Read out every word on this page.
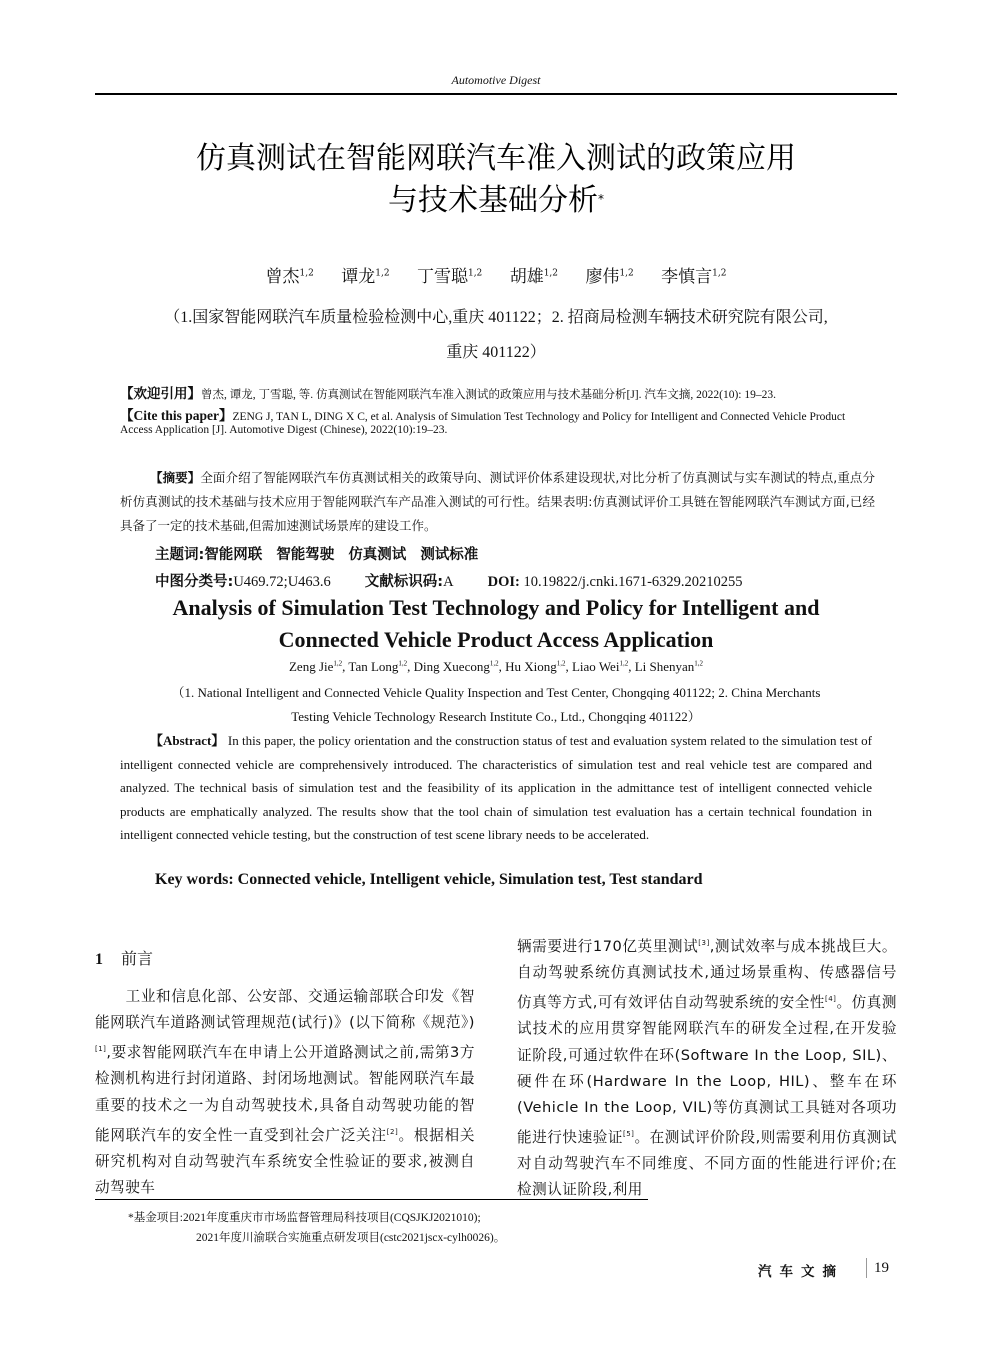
Automotive Digest
仿真测试在智能网联汽车准入测试的政策应用
与技术基础分析*
曾杰$^{1,2}$ 谭龙$^{1,2}$ 丁雪聪$^{1,2}$ 胡雄$^{1,2}$ 廖伟$^{1,2}$ 李慎言$^{1,2}$
（1.国家智能网联汽车质量检验检测中心,重庆 401122；2. 招商局检测车辆技术研究院有限公司,
重庆 401122）
【欢迎引用】曾杰, 谭龙, 丁雪聪, 等. 仿真测试在智能网联汽车准入测试的政策应用与技术基础分析[J]. 汽车文摘, 2022(10): 19–23.
【Cite this paper】ZENG J, TAN L, DING X C, et al. Analysis of Simulation Test Technology and Policy for Intelligent and Connected Vehicle Product Access Application [J]. Automotive Digest (Chinese), 2022(10):19–23.
【摘要】全面介绍了智能网联汽车仿真测试相关的政策导向、测试评价体系建设现状,对比分析了仿真测试与实车测试的特点,重点分析仿真测试的技术基础与技术应用于智能网联汽车产品准入测试的可行性。结果表明:仿真测试评价工具链在智能网联汽车测试方面,已经具备了一定的技术基础,但需加速测试场景库的建设工作。
主题词:智能网联 智能驾驶 仿真测试 测试标准
中图分类号:U469.72;U463.6 文献标识码:A DOI: 10.19822/j.cnki.1671-6329.20210255
Analysis of Simulation Test Technology and Policy for Intelligent and
Connected Vehicle Product Access Application
Zeng Jie$^{1,2}$, Tan Long$^{1,2}$, Ding Xuecong$^{1,2}$, Hu Xiong$^{1,2}$, Liao Wei$^{1,2}$, Li Shenyan$^{1,2}$
（1. National Intelligent and Connected Vehicle Quality Inspection and Test Center, Chongqing 401122; 2. China Merchants
Testing Vehicle Technology Research Institute Co., Ltd., Chongqing 401122）
【Abstract】 In this paper, the policy orientation and the construction status of test and evaluation system related to the simulation test of intelligent connected vehicle are comprehensively introduced. The characteristics of simulation test and real vehicle test are compared and analyzed. The technical basis of simulation test and the feasibility of its application in the admittance test of intelligent connected vehicle products are emphatically analyzed. The results show that the tool chain of simulation test evaluation has a certain technical foundation in intelligent connected vehicle testing, but the construction of test scene library needs to be accelerated.
Key words: Connected vehicle, Intelligent vehicle, Simulation test, Test standard
1 前言
工业和信息化部、公安部、交通运输部联合印发《智能网联汽车道路测试管理规范(试行)》(以下简称《规范》)[1],要求智能网联汽车在申请上公开道路测试之前,需第3方检测机构进行封闭道路、封闭场地测试。智能网联汽车最重要的技术之一为自动驾驶技术,具备自动驾驶功能的智能网联汽车的安全性一直受到社会广泛关注[2]。根据相关研究机构对自动驾驶汽车系统安全性验证的要求,被测自动驾驶车
辆需要进行170亿英里测试[3],测试效率与成本挑战巨大。自动驾驶系统仿真测试技术,通过场景重构、传感器信号仿真等方式,可有效评估自动驾驶系统的安全性[4]。仿真测试技术的应用贯穿智能网联汽车的研发全过程,在开发验证阶段,可通过软件在环(Software In the Loop, SIL)、硬件在环(Hardware In the Loop, HIL)、整车在环(Vehicle In the Loop, VIL)等仿真测试工具链对各项功能进行快速验证[5]。在测试评价阶段,则需要利用仿真测试对自动驾驶汽车不同维度、不同方面的性能进行评价;在检测认证阶段,利用
*基金项目:2021年度重庆市市场监督管理局科技项目(CQSJKJ2021010);
2021年度川渝联合实施重点研发项目(cstc2021jscx-cylh0026)。
汽车文摘 19
